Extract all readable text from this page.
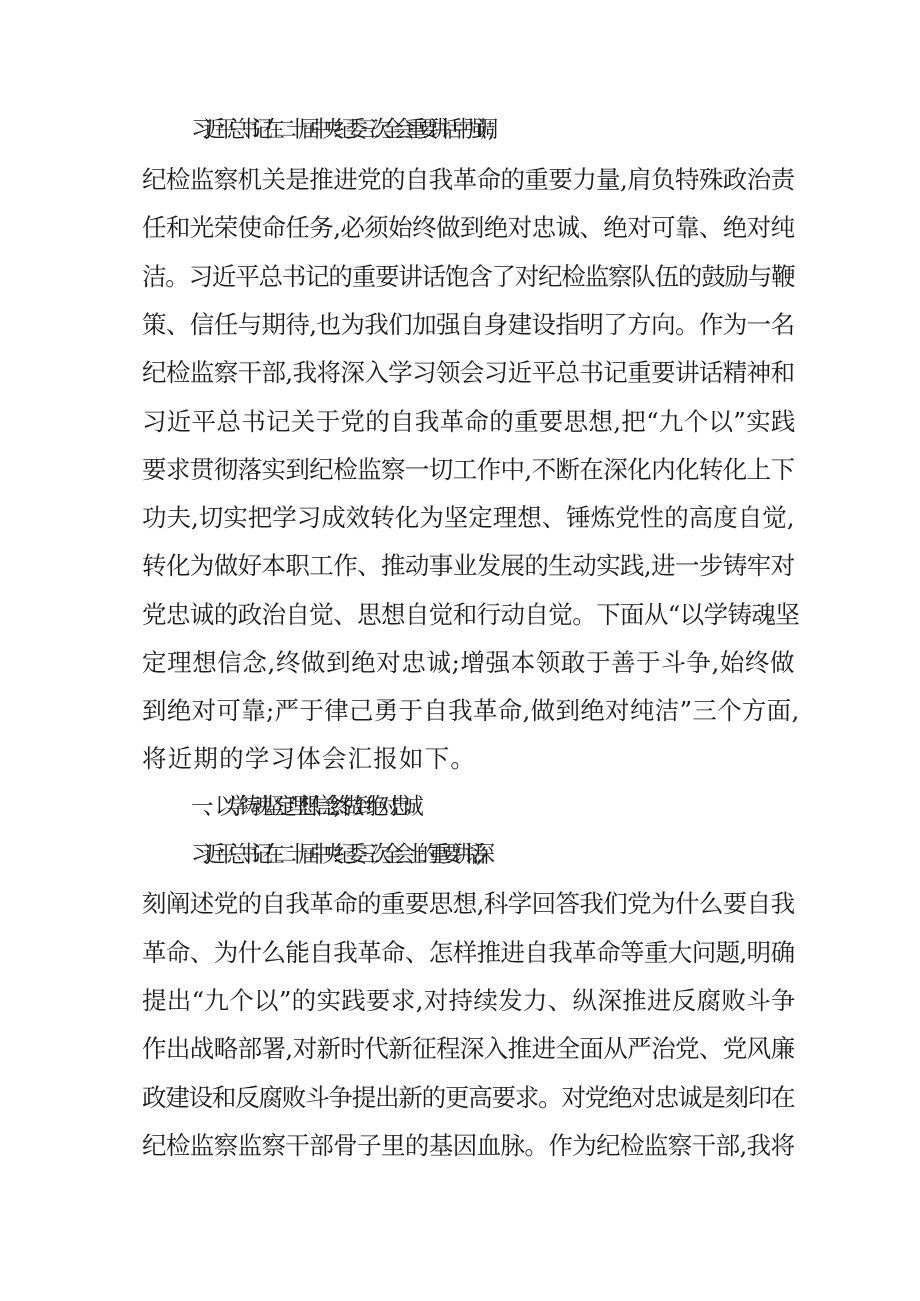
习近平总书记在二十届中央纪委三次全会重要讲话中强调,
纪检监察机关是推进党的自我革命的重要力量,肩负特殊政治责
任和光荣使命任务,必须始终做到绝对忠诚、绝对可靠、绝对纯
洁。习近平总书记的重要讲话饱含了对纪检监察队伍的鼓励与鞭
策、信任与期待,也为我们加强自身建设指明了方向。作为一名
纪检监察干部,我将深入学习领会习近平总书记重要讲话精神和
习近平总书记关于党的自我革命的重要思想,把“九个以”实践
要求贯彻落实到纪检监察一切工作中,不断在深化内化转化上下
功夫,切实把学习成效转化为坚定理想、锤炼党性的高度自觉,
转化为做好本职工作、推动事业发展的生动实践,进一步铸牢对
党忠诚的政治自觉、思想自觉和行动自觉。下面从“以学铸魂坚
定理想信念,终做到绝对忠诚;增强本领敢于善于斗争,始终做
到绝对可靠;严于律己勇于自我革命,做到绝对纯洁”三个方面,
将近期的学习体会汇报如下。
一、以学铸魂坚定理想信念,终做到绝对忠诚
习近平总书记在二十届中央纪委三次全会上的重要讲话,深
刻阐述党的自我革命的重要思想,科学回答我们党为什么要自我
革命、为什么能自我革命、怎样推进自我革命等重大问题,明确
提出“九个以”的实践要求,对持续发力、纵深推进反腐败斗争
作出战略部署,对新时代新征程深入推进全面从严治党、党风廉
政建设和反腐败斗争提出新的更高要求。对党绝对忠诚是刻印在
纪检监察监察干部骨子里的基因血脉。作为纪检监察干部,我将
